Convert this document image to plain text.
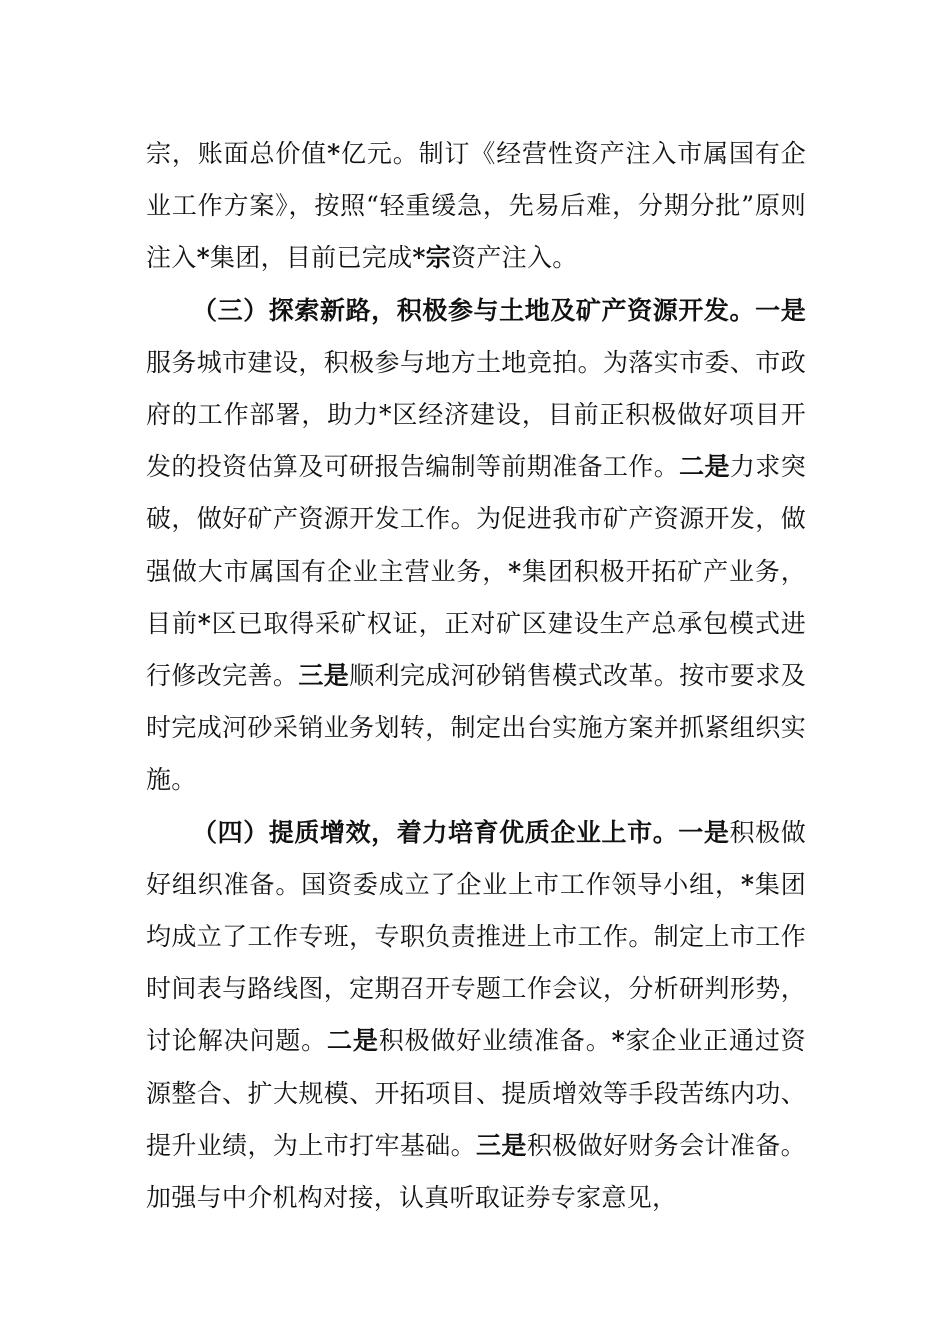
宗，账面总价值*亿元。制订《经营性资产注入市属国有企业工作方案》，按照“轻重缓急，先易后难，分期分批”原则注入*集团，目前已完成*宗资产注入。

（三）探索新路，积极参与土地及矿产资源开发。一是服务城市建设，积极参与地方土地竞拍。为落实市委、市政府的工作部署，助力*区经济建设，目前正积极做好项目开发的投资估算及可研报告编制等前期准备工作。二是力求突破，做好矿产资源开发工作。为促进我市矿产资源开发，做强做大市属国有企业主营业务，*集团积极开拓矿产业务，目前*区已取得采矿权证，正对矿区建设生产总承包模式进行修改完善。三是顺利完成河砂销售模式改革。按市要求及时完成河砂采销业务划转，制定出台实施方案并抓紧组织实施。

（四）提质增效，着力培育优质企业上市。一是积极做好组织准备。国资委成立了企业上市工作领导小组，*集团均成立了工作专班，专职负责推进上市工作。制定上市工作时间表与路线图，定期召开专题工作会议，分析研判形势，讨论解决问题。二是积极做好业绩准备。*家企业正通过资源整合、扩大规模、开拓项目、提质增效等手段苦练内功、提升业绩，为上市打牢基础。三是积极做好财务会计准备。加强与中介机构对接，认真听取证券专家意见，
